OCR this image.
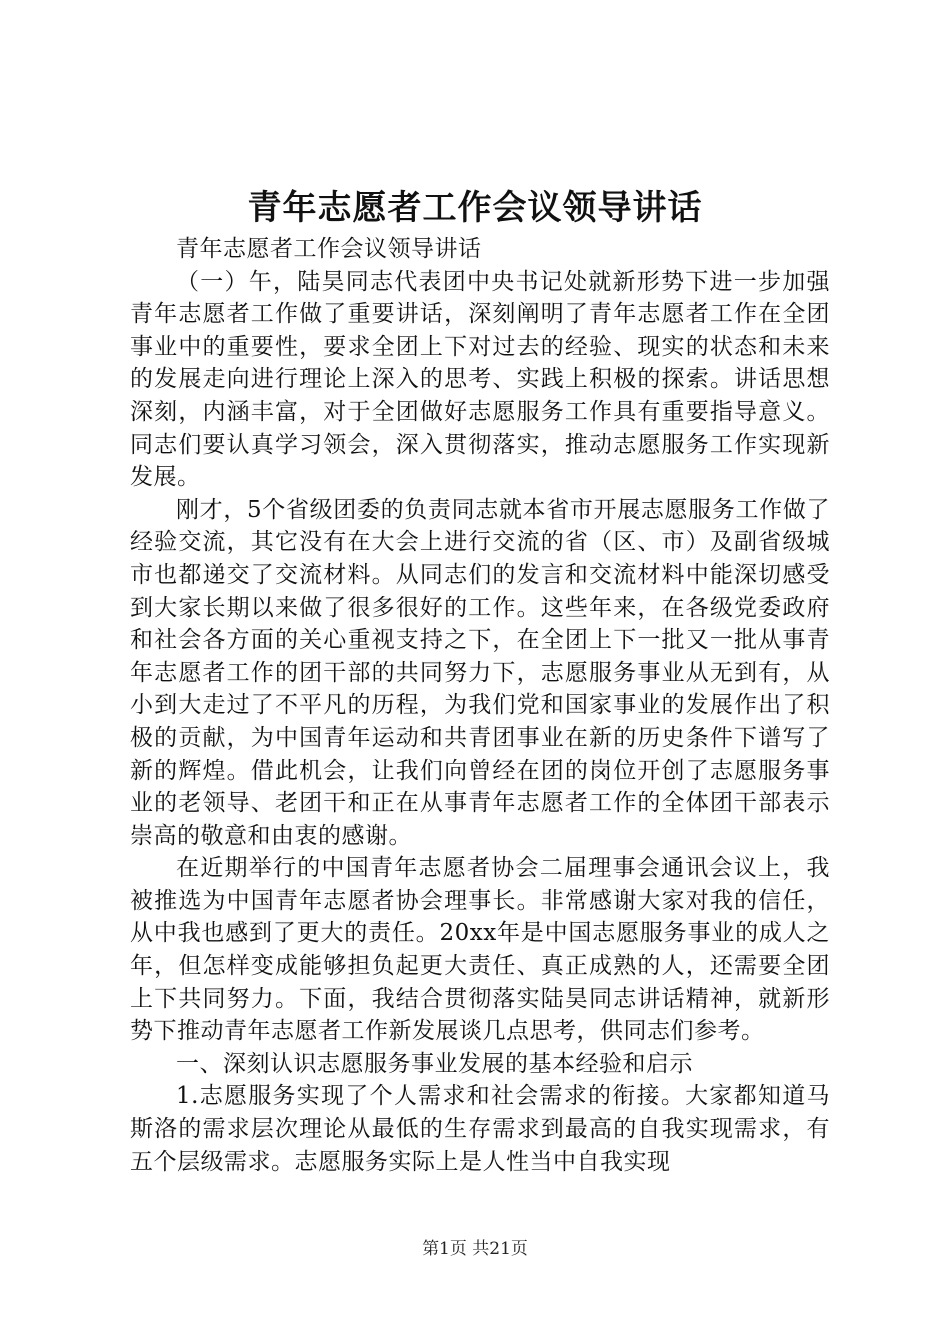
青年志愿者工作会议领导讲话

青年志愿者工作会议领导讲话

（一）午，陆昊同志代表团中央书记处就新形势下进一步加强青年志愿者工作做了重要讲话，深刻阐明了青年志愿者工作在全团事业中的重要性，要求全团上下对过去的经验、现实的状态和未来的发展走向进行理论上深入的思考、实践上积极的探索。讲话思想深刻，内涵丰富，对于全团做好志愿服务工作具有重要指导意义。同志们要认真学习领会，深入贯彻落实，推动志愿服务工作实现新发展。

刚才，5个省级团委的负责同志就本省市开展志愿服务工作做了经验交流，其它没有在大会上进行交流的省（区、市）及副省级城市也都递交了交流材料。从同志们的发言和交流材料中能深切感受到大家长期以来做了很多很好的工作。这些年来，在各级党委政府和社会各方面的关心重视支持之下，在全团上下一批又一批从事青年志愿者工作的团干部的共同努力下，志愿服务事业从无到有，从小到大走过了不平凡的历程，为我们党和国家事业的发展作出了积极的贡献，为中国青年运动和共青团事业在新的历史条件下谱写了新的辉煌。借此机会，让我们向曾经在团的岗位开创了志愿服务事业的老领导、老团干和正在从事青年志愿者工作的全体团干部表示崇高的敬意和由衷的感谢。

在近期举行的中国青年志愿者协会二届理事会通讯会议上，我被推选为中国青年志愿者协会理事长。非常感谢大家对我的信任，从中我也感到了更大的责任。20xx年是中国志愿服务事业的成人之年，但怎样变成能够担负起更大责任、真正成熟的人，还需要全团上下共同努力。下面，我结合贯彻落实陆昊同志讲话精神，就新形势下推动青年志愿者工作新发展谈几点思考，供同志们参考。

一、深刻认识志愿服务事业发展的基本经验和启示

1.志愿服务实现了个人需求和社会需求的衔接。大家都知道马斯洛的需求层次理论从最低的生存需求到最高的自我实现需求，有五个层级需求。志愿服务实际上是人性当中自我实现

第1页 共21页
